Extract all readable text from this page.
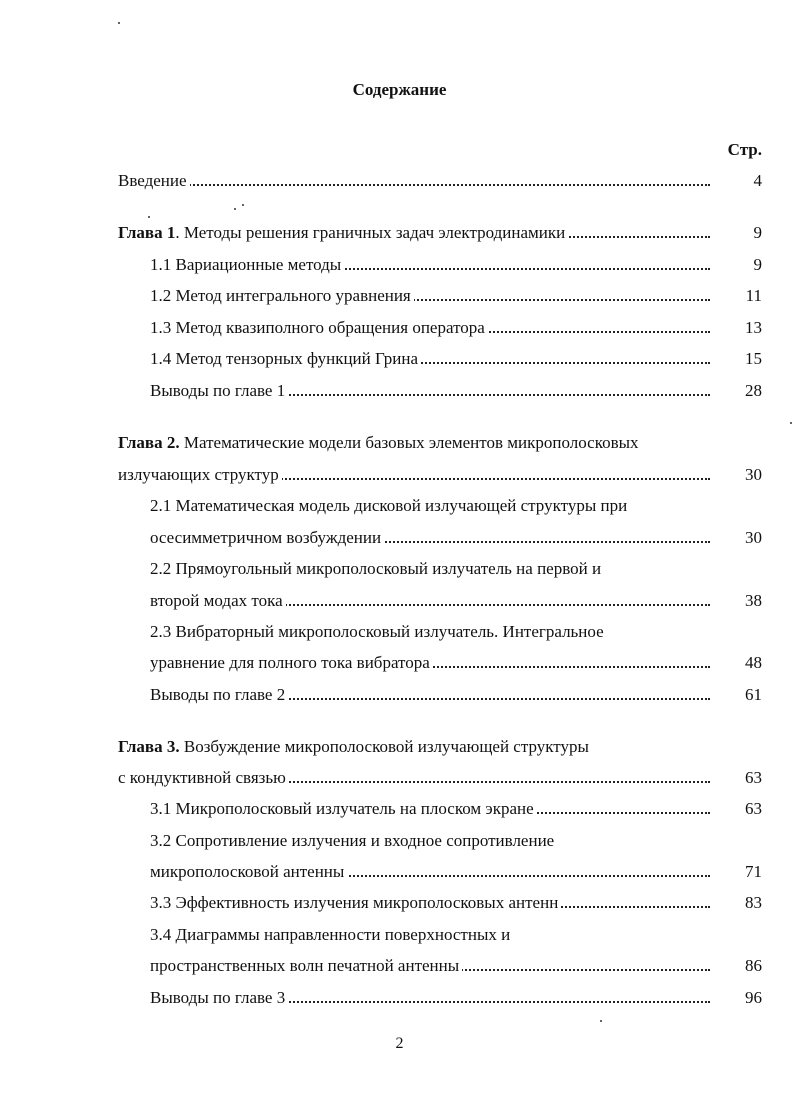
Содержание
Стр.
Введение	4
Глава 1. Методы решения граничных задач электродинамики	9
1.1 Вариационные методы	9
1.2 Метод интегрального уравнения	11
1.3 Метод квазиполного обращения оператора	13
1.4 Метод тензорных функций Грина	15
Выводы по главе 1	28
Глава 2. Математические модели базовых элементов микрополосковых
излучающих структур	30
2.1 Математическая модель дисковой излучающей структуры при
осесимметричном возбуждении	30
2.2 Прямоугольный микрополосковый излучатель на первой и
второй модах тока	38
2.3 Вибраторный микрополосковый излучатель. Интегральное
уравнение для полного тока вибратора	48
Выводы по главе 2	61
Глава 3. Возбуждение микрополосковой излучающей структуры
с кондуктивной связью	63
3.1 Микрополосковый излучатель на плоском экране	63
3.2 Сопротивление излучения и входное сопротивление
микрополосковой антенны	71
3.3 Эффективность излучения микрополосковых антенн	83
3.4 Диаграммы направленности поверхностных и
пространственных волн печатной антенны	86
Выводы по главе 3	96
2
